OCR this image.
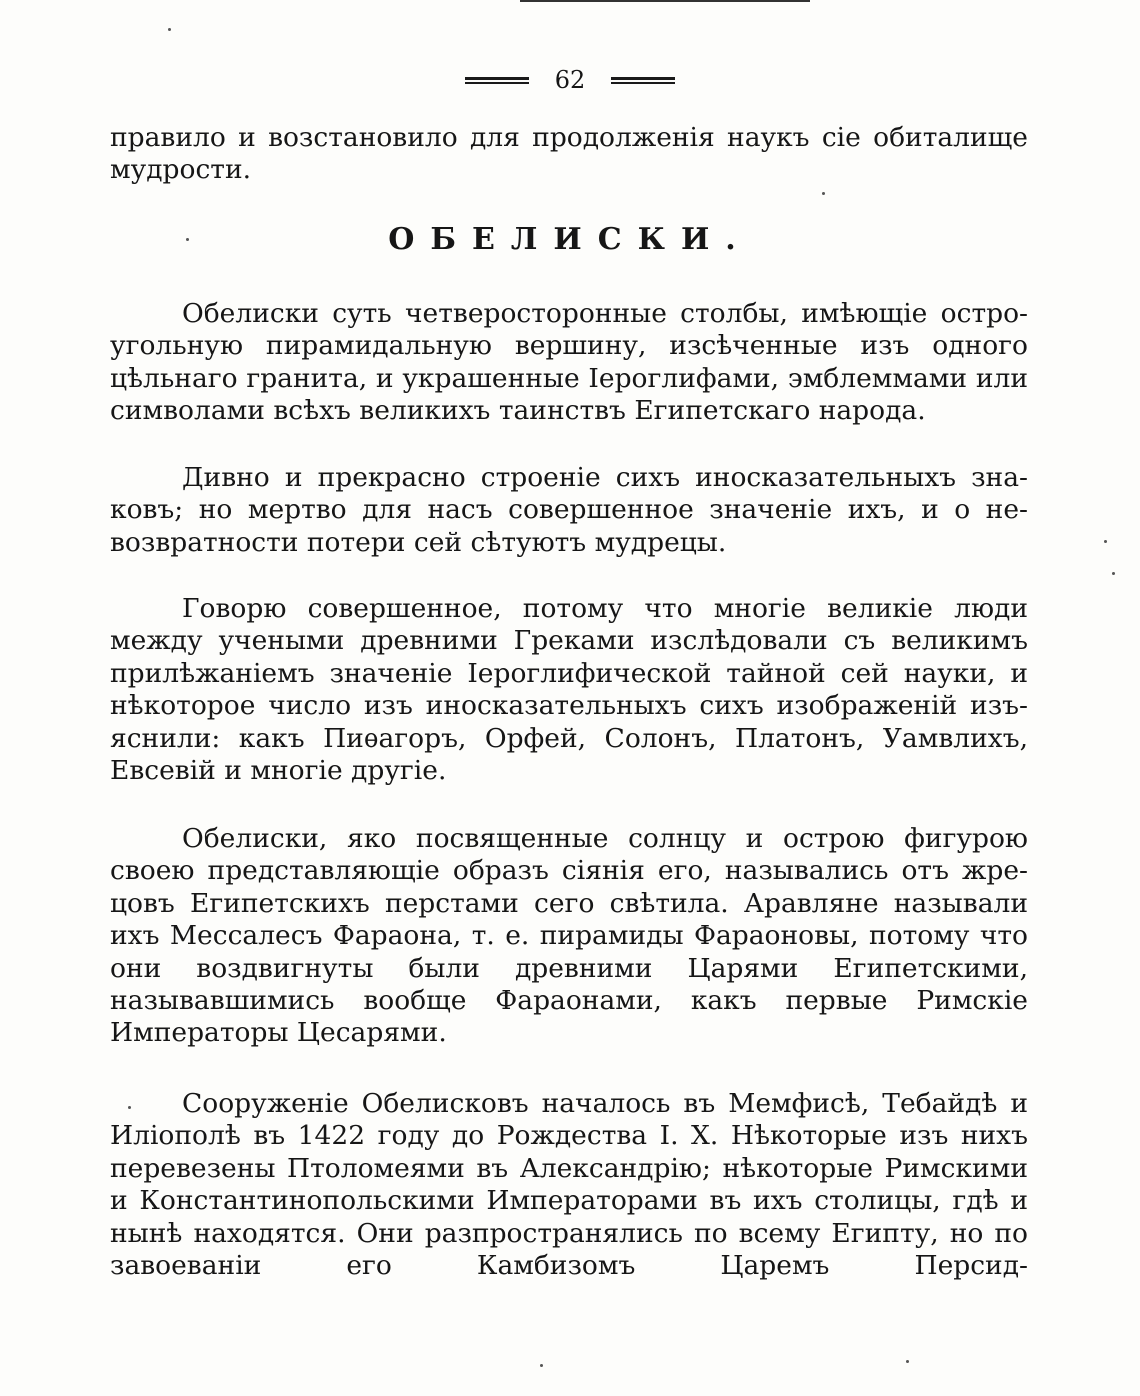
62

правило и возстановило для продолженія наукъ сіе обиталище мудрости.

ОБЕЛИСКИ.

Обелиски суть четверосторонные столбы, имѣющіе остроугольную пирамидальную вершину, изсѣченные изъ одного цѣльнаго гранита, и украшенные Іероглифами, эмблеммами или символами всѣхъ великихъ таинствъ Египетскаго народа.

Дивно и прекрасно строеніе сихъ иносказательныхъ знаковъ; но мертво для насъ совершенное значеніе ихъ, и о невозвратности потери сей сѣтуютъ мудрецы.

Говорю совершенное, потому что многіе великіе люди между учеными древними Греками изслѣдовали съ великимъ прилѣжаніемъ значеніе Іероглифической тайной сей науки, и нѣкоторое число изъ иносказательныхъ сихъ изображеній изъяснили: какъ Пиѳагоръ, Орфей, Солонъ, Платонъ, Уамвлихъ, Евсевій и многіе другіе.

Обелиски, яко посвященные солнцу и острою фигурою своею представляющіе образъ сіянія его, назывались отъ жрецовъ Египетскихъ перстами сего свѣтила. Аравляне называли ихъ Мессалесъ Фараона, т. е. пирамиды Фараоновы, потому что они воздвигнуты были древними Царями Египетскими, называвшимись вообще Фараонами, какъ первые Римскіе Императоры Цесарями.

Сооруженіе Обелисковъ началось въ Мемфисѣ, Тебайдѣ и Иліополѣ въ 1422 году до Рождества І. Х. Нѣкоторые изъ нихъ перевезены Птоломеями въ Александрію; нѣкоторые Римскими и Константинопольскими Императорами въ ихъ столицы, гдѣ и нынѣ находятся. Они разпространялись по всему Египту, но по завоеваніи его Камбизомъ Царемъ Персид-
